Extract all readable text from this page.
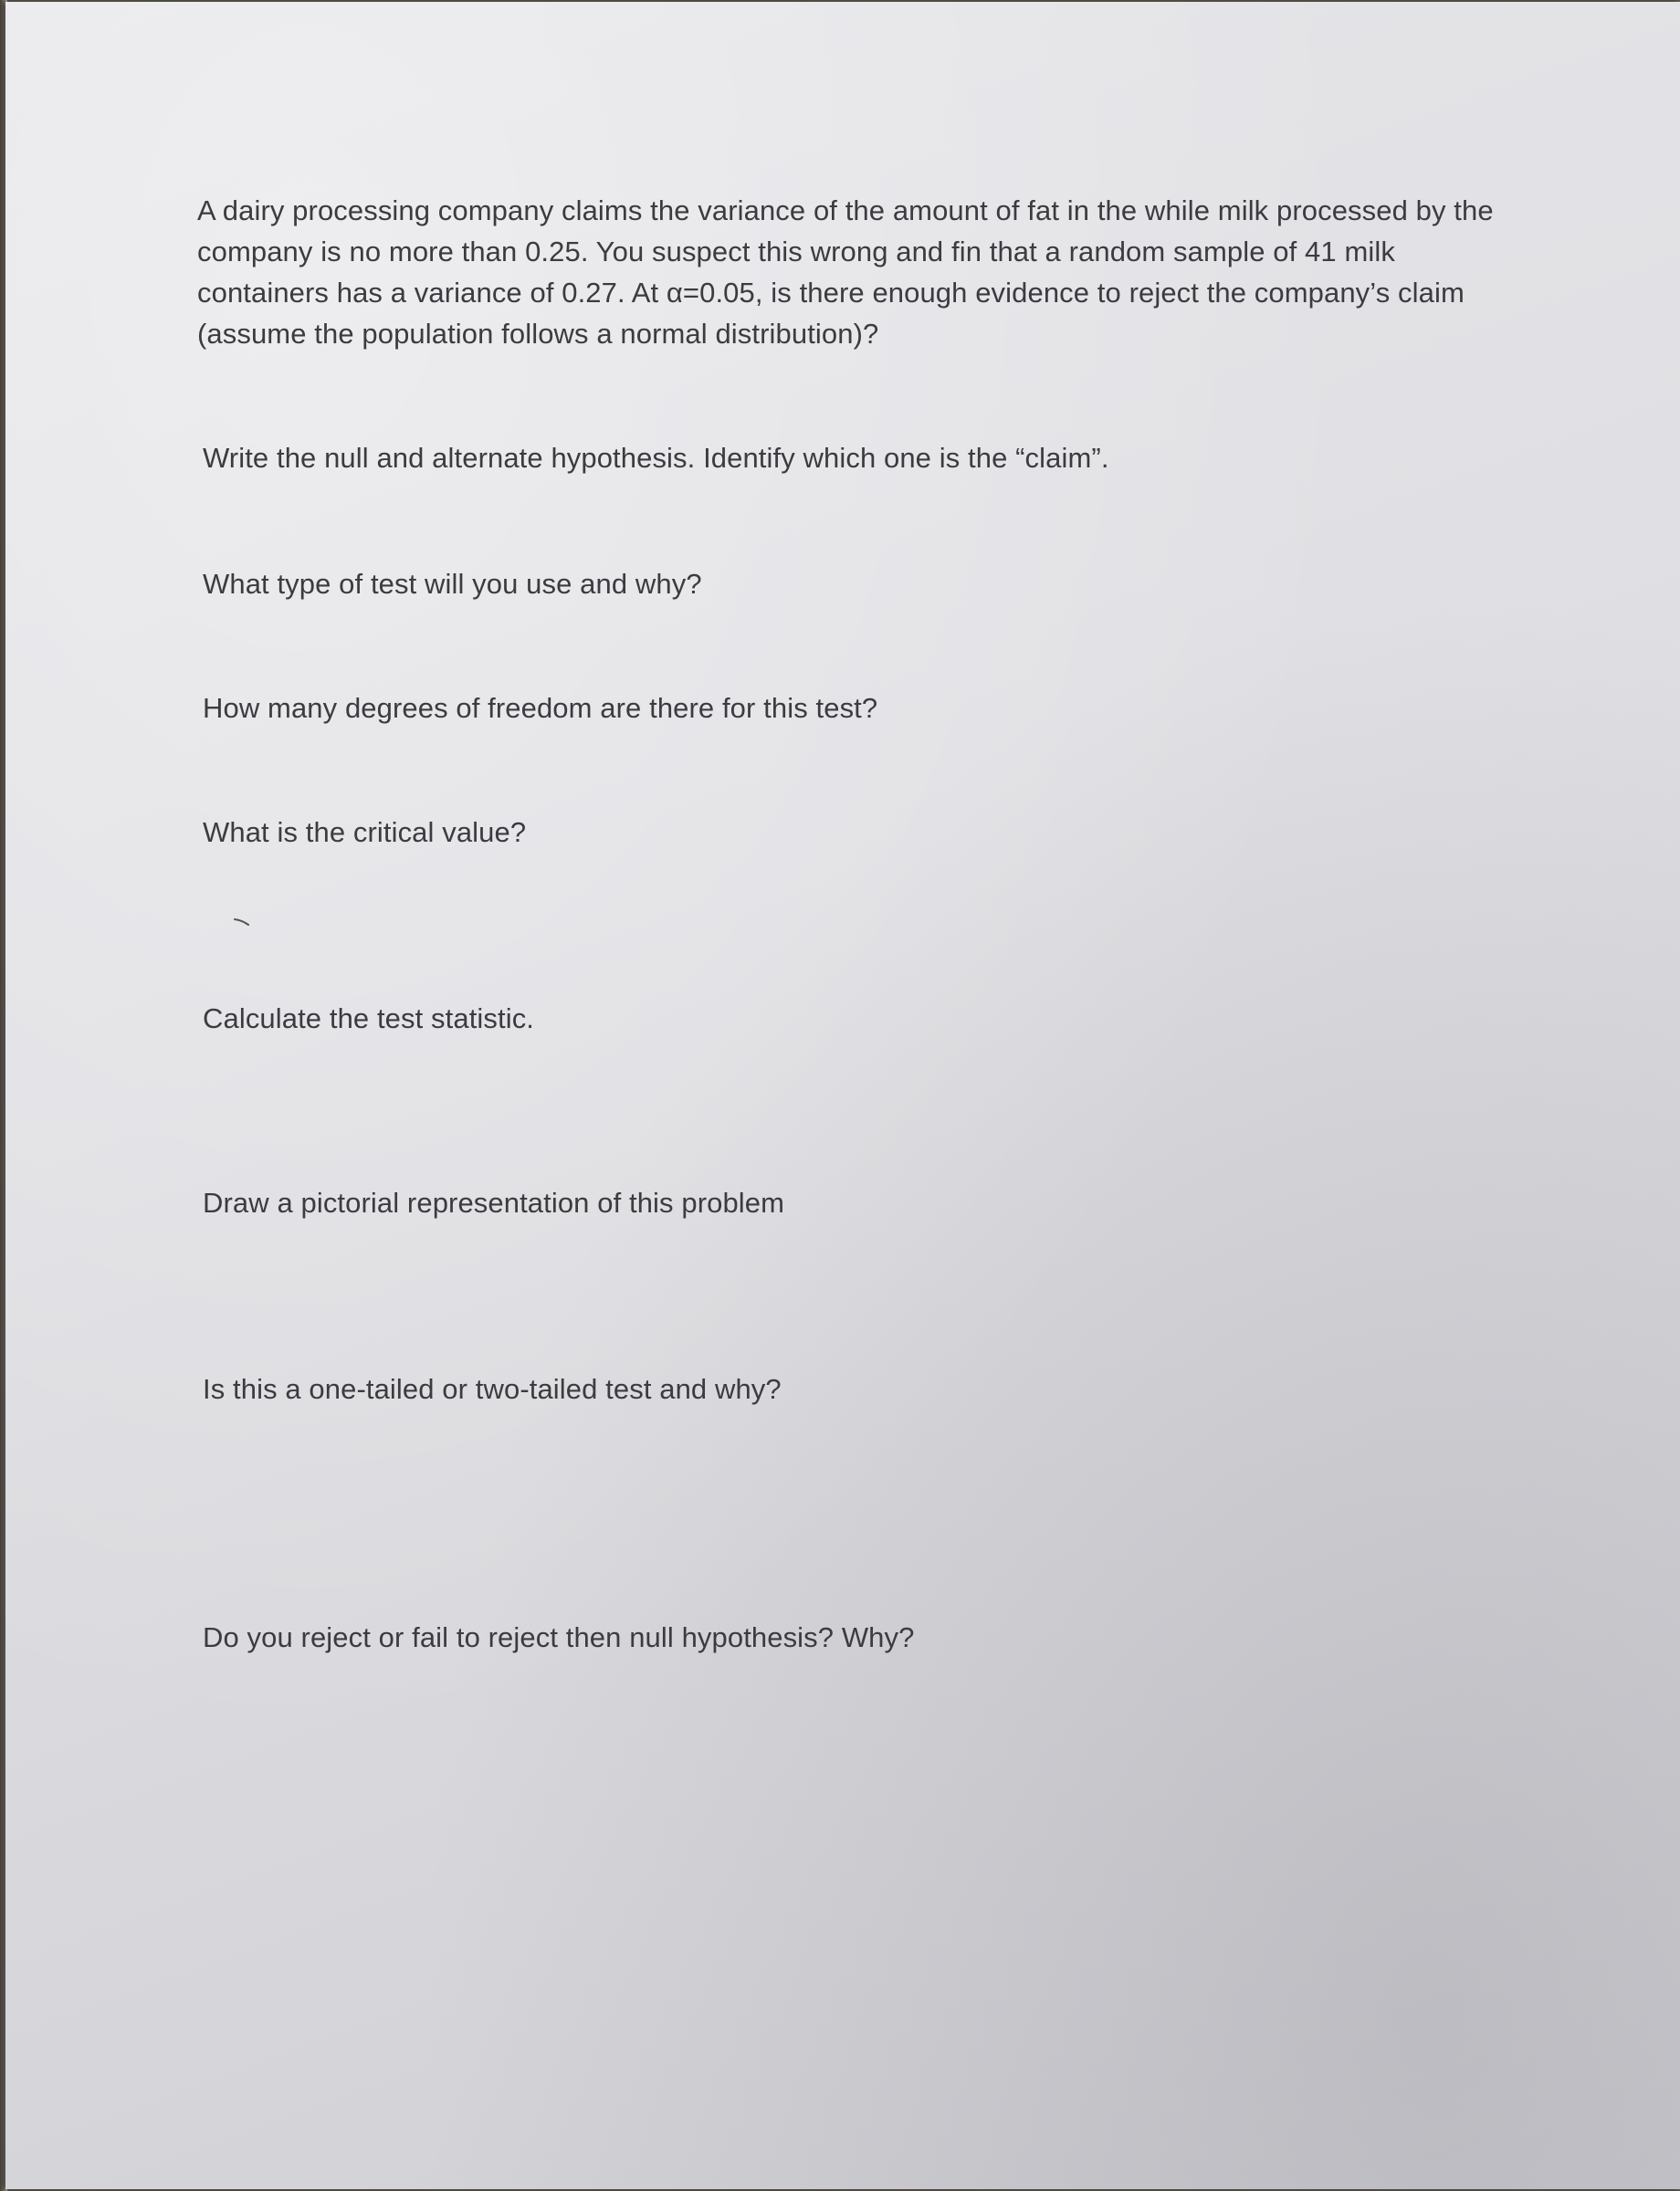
A dairy processing company claims the variance of the amount of fat in the while milk processed by the
company is no more than 0.25. You suspect this wrong and fin that a random sample of 41 milk
containers has a variance of 0.27. At α=0.05, is there enough evidence to reject the company’s claim
(assume the population follows a normal distribution)?

Write the null and alternate hypothesis. Identify which one is the “claim”.

What type of test will you use and why?

How many degrees of freedom are there for this test?

What is the critical value?

Calculate the test statistic.

Draw a pictorial representation of this problem

Is this a one-tailed or two-tailed test and why?

Do you reject or fail to reject then null hypothesis? Why?
